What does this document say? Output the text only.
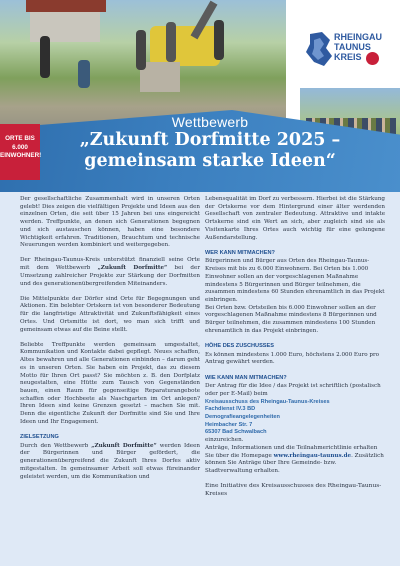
RHEINGAU
TAUNUS
KREIS
ORTE BIS
6.000
EINWOHNER!
Wettbewerb
„Zukunft Dorfmitte 2025 –
gemeinsam starke Ideen“

Der gesellschaftliche Zusammenhalt wird in unseren Orten gelebt! Dies zeigen die vielfältigen Projekte und Ideen aus den einzelnen Orten, die seit über 15 Jahren bei uns eingereicht werden. Treffpunkte, an denen sich Generationen begegnen und sich austauschen können, haben eine besondere Wichtigkeit erfahren. Traditionen, Brauchtum und technische Neuerungen werden kombiniert und weitergegeben.

Der Rheingau-Taunus-Kreis unterstützt finanziell seine Orte mit dem Wettbewerb „Zukunft Dorfmitte“ bei der Umsetzung zahlreicher Projekte zur Stärkung der Dorfmitten und des generationenübergreifenden Miteinanders.

Die Mittelpunkte der Dörfer sind Orte für Begegnungen und Aktionen. Ein belebter Ortskern ist von besonderer Bedeutung für die langfristige Attraktivität und Zukunftsfähigkeit eines Ortes. Und Ortsmitte ist dort, wo man sich trifft und gemeinsam etwas auf die Beine stellt.

Beliebte Treffpunkte werden gemeinsam umgestaltet, Kommunikation und Kontakte dabei gepflegt. Neues schaffen, Altes bewahren und alle Generationen einbinden – darum geht es in unseren Orten. Sie haben ein Projekt, das zu diesem Motto für Ihren Ort passt? Sie möchten z. B. den Dorfplatz neugestalten, eine Hütte zum Tausch von Gegenständen bauen, einen Raum für gegenseitige Reparaturangebote schaffen oder Hochbeete als Naschgarten im Ort anlegen? Ihren Ideen sind keine Grenzen gesetzt – machen Sie mit. Denn die eigentliche Zukunft der Dorfmitte sind Sie und Ihre Ideen und Ihr Engagement.

ZIELSETZUNG

Durch den Wettbewerb „Zukunft Dorfmitte“ werden Ideen der Bürgerinnen und Bürger gefördert, die generationenübergreifend die Zukunft Ihres Dorfes aktiv mitgestalten. In gemeinsamer Arbeit soll etwas füreinander geleistet werden, um die Kommunikation und

Lebensqualität im Dorf zu verbessern. Hierbei ist die Stärkung der Ortskerne vor dem Hintergrund einer älter werdenden Gesellschaft von zentraler Bedeutung. Attraktive und intakte Ortskerne sind ein Wert an sich, aber zugleich sind sie als Visitenkarte Ihres Ortes auch wichtig für eine gelungene Außendarstellung.

WER KANN MITMACHEN?

Bürgerinnen und Bürger aus Orten des Rheingau-Taunus-Kreises mit bis zu 6.000 Einwohnern. Bei Orten bis 1.000 Einwohner sollen an der vorgeschlagenen Maßnahme mindestens 5 Bürgerinnen und Bürger teilnehmen, die zusammen mindestens 60 Stunden ehrenamtlich in das Projekt einbringen.

Bei Orten bzw. Ortsteilen bis 6.000 Einwohner sollen an der vorgeschlagenen Maßnahme mindestens 8 Bürgerinnen und Bürger teilnehmen, die zusammen mindestens 100 Stunden ehrenamtlich in das Projekt einbringen.

HÖHE DES ZUSCHUSSES

Es können mindestens 1.000 Euro, höchstens 2.000 Euro pro Antrag gewährt werden.

WIE KANN MAN MITMACHEN?

Der Antrag für die Idee / das Projekt ist schriftlich (postalisch oder per E-Mail) beim

Kreisausschuss des Rheingau-Taunus-Kreises
Fachdienst IV.3 BD
Demografieangelegenheiten
Heimbacher Str. 7
65307 Bad Schwalbach

einzureichen.

Anträge, Informationen und die Teilnahmerichtlinie erhalten Sie über die Homepage www.rheingau-taunus.de. Zusätzlich können Sie Anträge über Ihre Gemeinde- bzw. Stadtverwaltung erhalten.

Eine Initiative des Kreisausschusses des Rheingau-Taunus-Kreises
